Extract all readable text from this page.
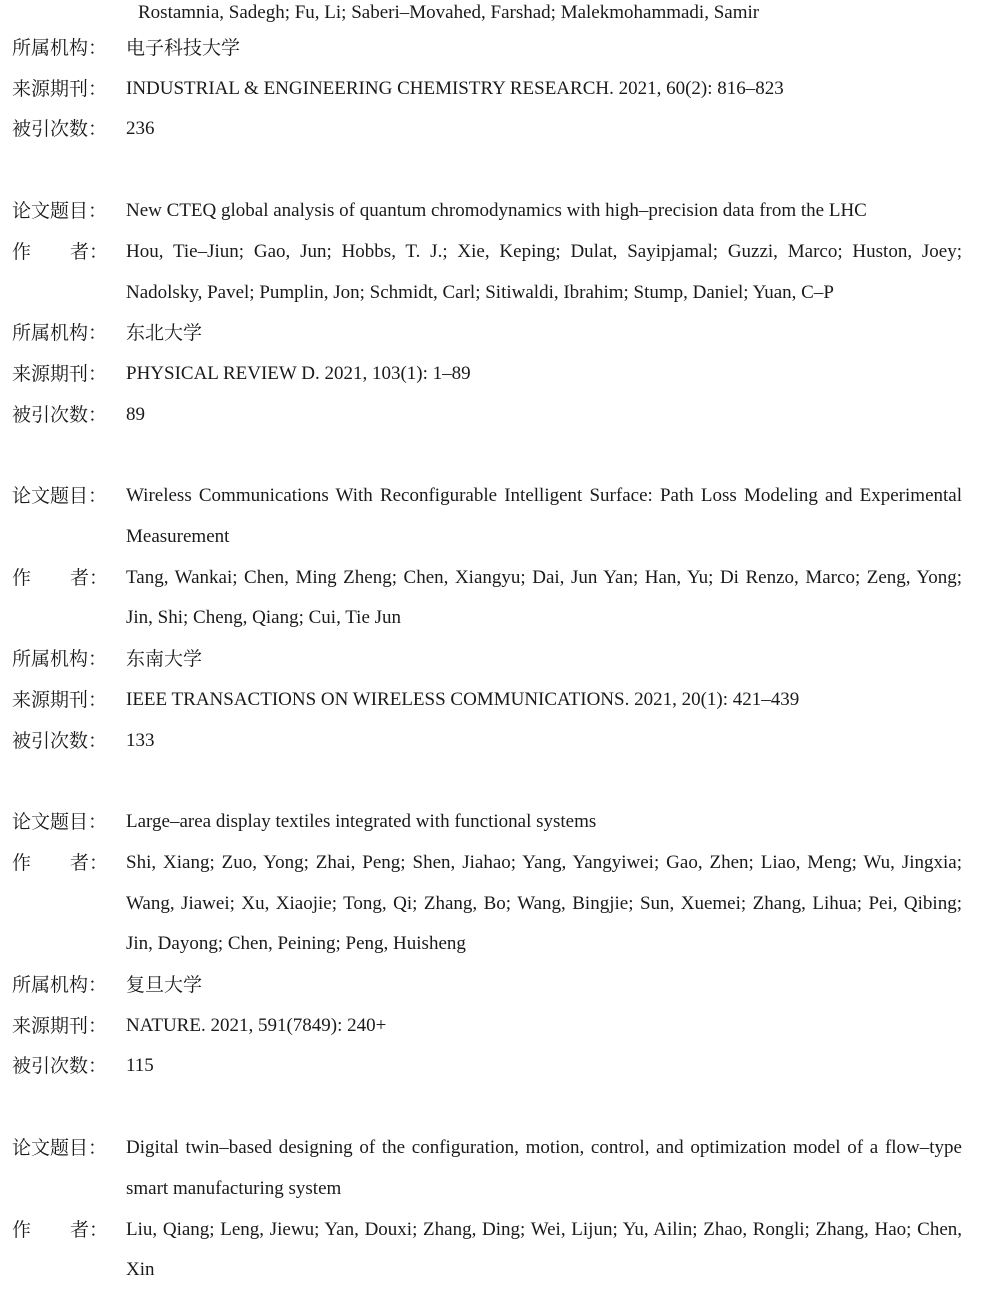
Rostamnia, Sadegh; Fu, Li; Saberi–Movahed, Farshad; Malekmohammadi, Samir
所属机构： 电子科技大学
来源期刊： INDUSTRIAL & ENGINEERING CHEMISTRY RESEARCH. 2021, 60(2): 816–823
被引次数： 236
论文题目： New CTEQ global analysis of quantum chromodynamics with high–precision data from the LHC
作 者： Hou, Tie–Jiun; Gao, Jun; Hobbs, T. J.; Xie, Keping; Dulat, Sayipjamal; Guzzi, Marco; Huston, Joey; Nadolsky, Pavel; Pumplin, Jon; Schmidt, Carl; Sitiwaldi, Ibrahim; Stump, Daniel; Yuan, C–P
所属机构： 东北大学
来源期刊： PHYSICAL REVIEW D. 2021, 103(1): 1–89
被引次数： 89
论文题目： Wireless Communications With Reconfigurable Intelligent Surface: Path Loss Modeling and Experimental Measurement
作 者： Tang, Wankai; Chen, Ming Zheng; Chen, Xiangyu; Dai, Jun Yan; Han, Yu; Di Renzo, Marco; Zeng, Yong; Jin, Shi; Cheng, Qiang; Cui, Tie Jun
所属机构： 东南大学
来源期刊： IEEE TRANSACTIONS ON WIRELESS COMMUNICATIONS. 2021, 20(1): 421–439
被引次数： 133
论文题目： Large–area display textiles integrated with functional systems
作 者： Shi, Xiang; Zuo, Yong; Zhai, Peng; Shen, Jiahao; Yang, Yangyiwei; Gao, Zhen; Liao, Meng; Wu, Jingxia; Wang, Jiawei; Xu, Xiaojie; Tong, Qi; Zhang, Bo; Wang, Bingjie; Sun, Xuemei; Zhang, Lihua; Pei, Qibing; Jin, Dayong; Chen, Peining; Peng, Huisheng
所属机构： 复旦大学
来源期刊： NATURE. 2021, 591(7849): 240+
被引次数： 115
论文题目： Digital twin–based designing of the configuration, motion, control, and optimization model of a flow–type smart manufacturing system
作 者： Liu, Qiang; Leng, Jiewu; Yan, Douxi; Zhang, Ding; Wei, Lijun; Yu, Ailin; Zhao, Rongli; Zhang, Hao; Chen, Xin
